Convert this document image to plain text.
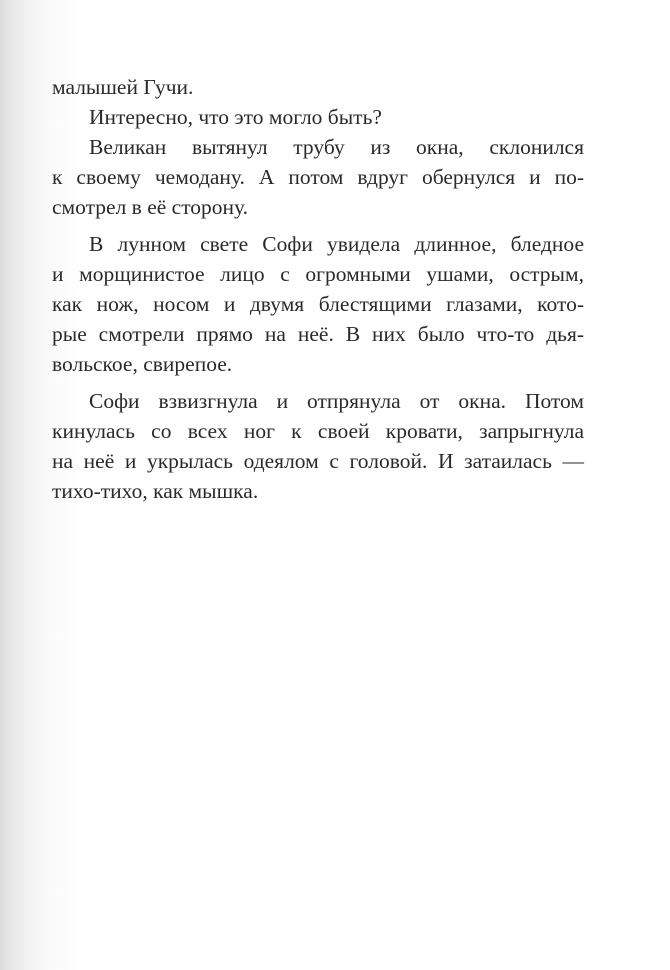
малышей Гучи.
Интересно, что это могло быть?
Великан вытянул трубу из окна, склонился
к своему чемодану. А потом вдруг обернулся и по-
смотрел в её сторону.
В лунном свете Софи увидела длинное, бледное
и морщинистое лицо с огромными ушами, острым,
как нож, носом и двумя блестящими глазами, кото-
рые смотрели прямо на неё. В них было что-то дья-
вольское, свирепое.
Софи взвизгнула и отпрянула от окна. Потом
кинулась со всех ног к своей кровати, запрыгнула
на неё и укрылась одеялом с головой. И затаилась —
тихо-тихо, как мышка.
